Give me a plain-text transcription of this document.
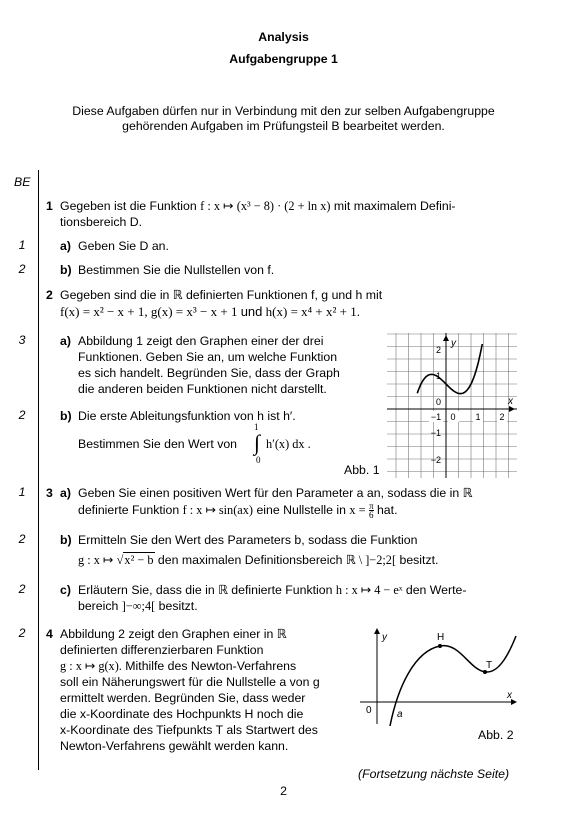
Analysis
Aufgabengruppe 1
Diese Aufgaben dürfen nur in Verbindung mit den zur selben Aufgabengruppe
gehörenden Aufgaben im Prüfungsteil B bearbeitet werden.
BE
1 Gegeben ist die Funktion f : x ↦ (x³ − 8) · (2 + ln x) mit maximalem Defini-
tionsbereich D.
1	a) Geben Sie D an.
2	b) Bestimmen Sie die Nullstellen von f.
2 Gegeben sind die in ℝ definierten Funktionen f, g und h mit
f(x) = x² − x + 1, g(x) = x³ − x + 1 und h(x) = x⁴ + x² + 1.
3	a) Abbildung 1 zeigt den Graphen einer der drei
Funktionen. Geben Sie an, um welche Funktion
es sich handelt. Begründen Sie, dass der Graph
die anderen beiden Funktionen nicht darstellt.
2	b) Die erste Ableitungsfunktion von h ist h′.
Bestimmen Sie den Wert von
1
∫
0
h′(x) dx .
−1 0 1 2
2
1
0
−1
−2
y
x
Abb. 1
1	3 a) Geben Sie einen positiven Wert für den Parameter a an, sodass die in ℝ
definierte Funktion f : x ↦ sin(ax) eine Nullstelle in $x = \frac{\pi}{6}$ hat.
2	b) Ermitteln Sie den Wert des Parameters b, sodass die Funktion
g : x ↦ √x² − b den maximalen Definitionsbereich ℝ \ ]−2;2[ besitzt.
2	c) Erläutern Sie, dass die in ℝ definierte Funktion h : x ↦ 4 − eˣ den Werte-
bereich ]−∞;4[ besitzt.
2	4 Abbildung 2 zeigt den Graphen einer in ℝ
definierten differenzierbaren Funktion
g : x ↦ g(x). Mithilfe des Newton-Verfahrens
soll ein Näherungswert für die Nullstelle a von g
ermittelt werden. Begründen Sie, dass weder
die x-Koordinate des Hochpunkts H noch die
x-Koordinate des Tiefpunkts T als Startwert des
Newton-Verfahrens gewählt werden kann.
y
x
0	a
H
T
Abb. 2
(Fortsetzung nächste Seite)
2
